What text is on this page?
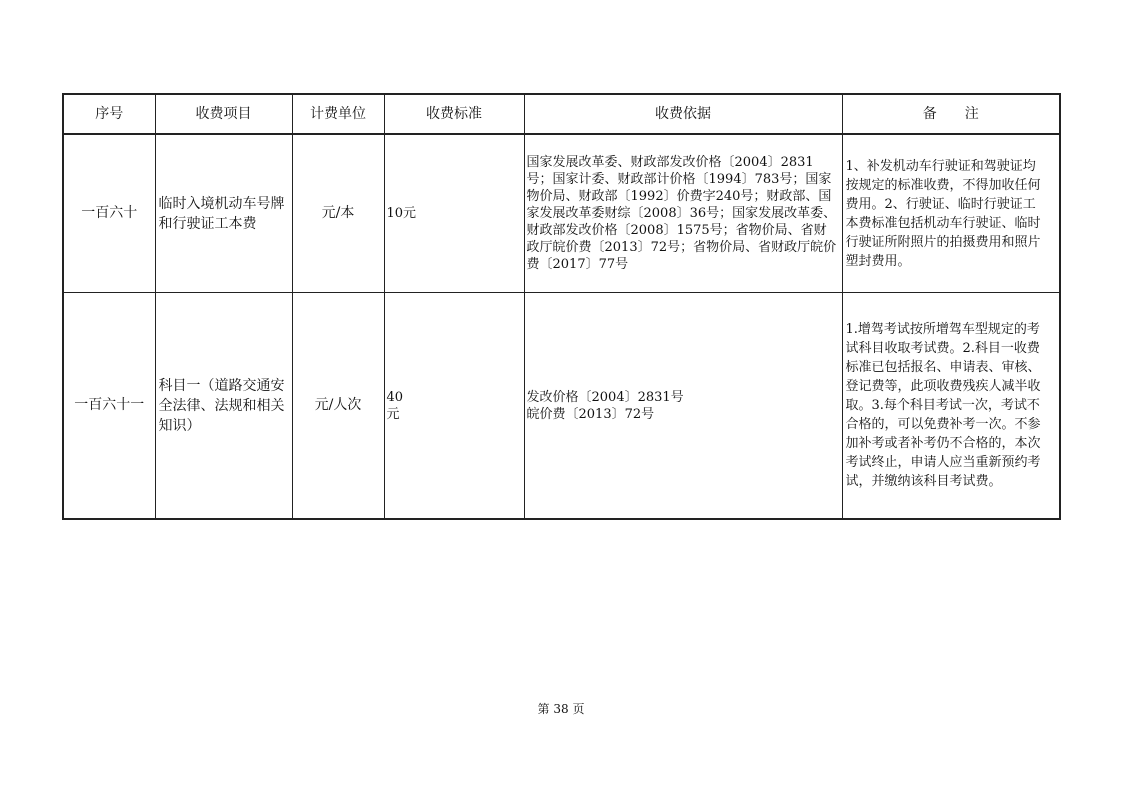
序号	收费项目	计费单位	收费标准	收费依据	备　　注
一百六十	临时入境机动车号牌和行驶证工本费	元/本	10元	国家发展改革委、财政部发改价格〔2004〕2831号；国家计委、财政部计价格〔1994〕783号；国家物价局、财政部〔1992〕价费字240号；财政部、国家发展改革委财综〔2008〕36号；国家发展改革委、财政部发改价格〔2008〕1575号；省物价局、省财政厅皖价费〔2013〕72号；省物价局、省财政厅皖价费〔2017〕77号	1、补发机动车行驶证和驾驶证均按规定的标准收费，不得加收任何费用。2、行驶证、临时行驶证工本费标准包括机动车行驶证、临时行驶证所附照片的拍摄费用和照片塑封费用。

一百六十一	科目一（道路交通安全法律、法规和相关知识）	元/人次	40元	发改价格〔2004〕2831号
皖价费〔2013〕72号	1.增驾考试按所增驾车型规定的考试科目收取考试费。2.科目一收费标准已包括报名、申请表、审核、登记费等，此项收费残疾人减半收取。3.每个科目考试一次，考试不合格的，可以免费补考一次。不参加补考或者补考仍不合格的，本次考试终止，申请人应当重新预约考试，并缴纳该科目考试费。
第 38 页
